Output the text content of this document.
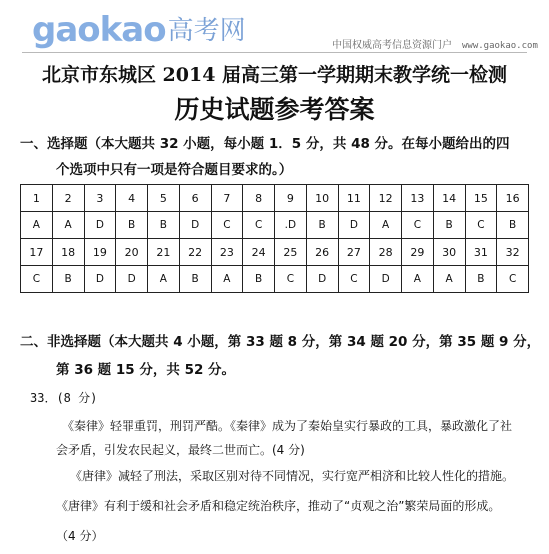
gaokao高考网	中国权威高考信息资源门户 www.gaokao.com
北京市东城区 2014 届高三第一学期期末教学统一检测
历史试题参考答案
一、选择题（本大题共 32 小题，每小题 1．5 分，共 48 分。在每小题给出的四
个选项中只有一项是符合题目要求的。）
1	2	3	4	5	6	7	8	9	10	11	12	13	14	15	16
A	A	D	B	B	D	C	C	.D	B	D	A	C	B	C	B
17	18	19	20	21	22	23	24	25	26	27	28	29	30	31	32
C	B	D	D	A	B	A	B	C	D	C	D	A	A	B	C
二、非选择题（本大题共 4 小题，第 33 题 8 分，第 34 题 20 分，第 35 题 9 分，
第 36 题 15 分，共 52 分。
33．(8 分)
《秦律》轻罪重罚，刑罚严酷。《秦律》成为了秦始皇实行暴政的工具，暴政激化了社
会矛盾，引发农民起义，最终二世而亡。(4 分)
《唐律》减轻了刑法，采取区别对待不同情况，实行宽严相济和比较人性化的措施。
《唐律》有利于缓和社会矛盾和稳定统治秩序，推动了“贞观之治”繁荣局面的形成。
（4 分）
